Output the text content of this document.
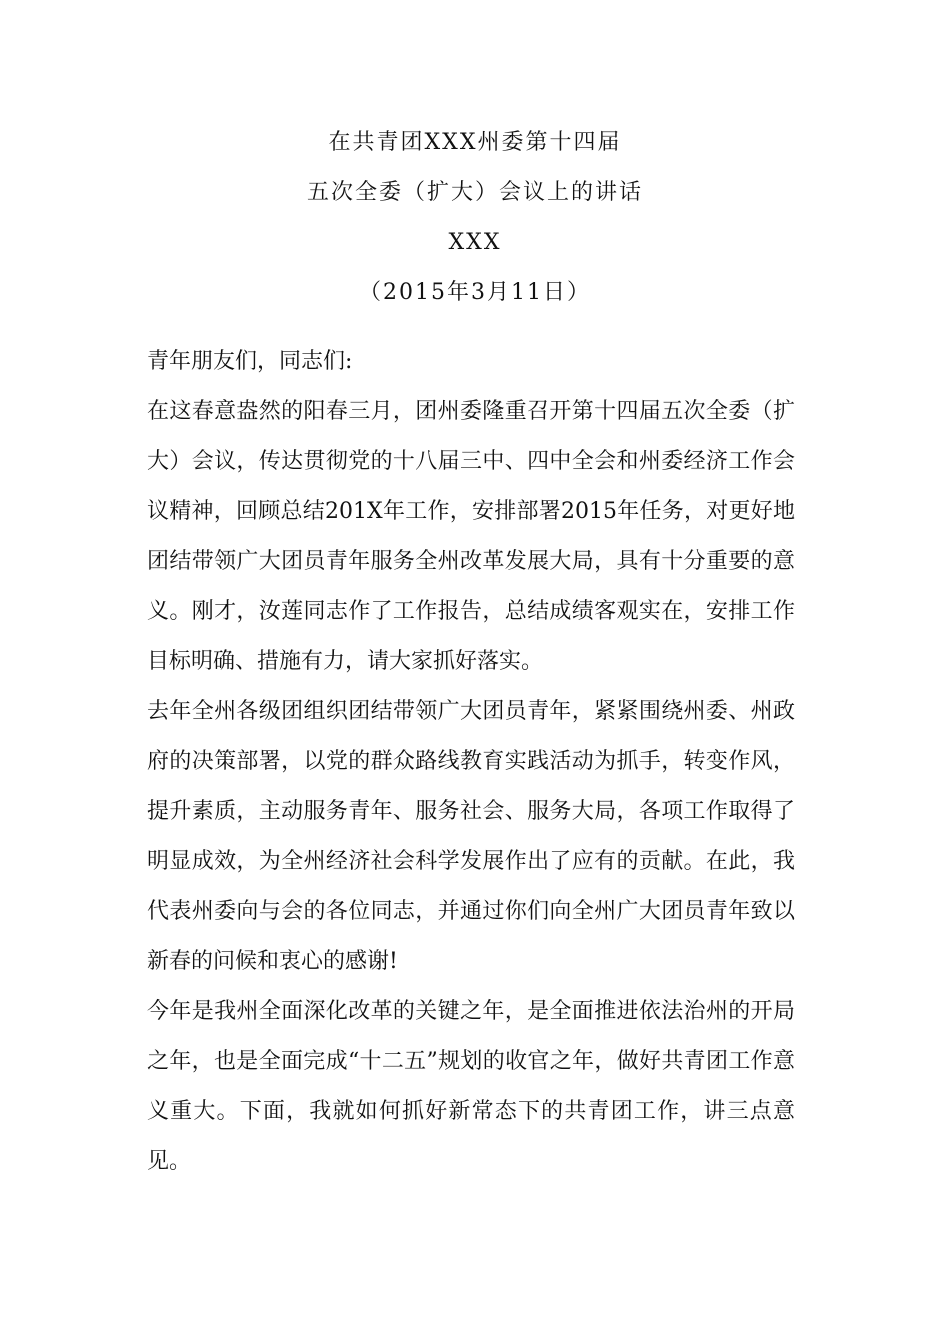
在共青团XXX州委第十四届
五次全委（扩大）会议上的讲话
XXX
（2015年3月11日）

青年朋友们，同志们:

在这春意盎然的阳春三月，团州委隆重召开第十四届五次全委（扩大）会议，传达贯彻党的十八届三中、四中全会和州委经济工作会议精神，回顾总结201X年工作，安排部署2015年任务，对更好地团结带领广大团员青年服务全州改革发展大局，具有十分重要的意义。刚才，汝莲同志作了工作报告，总结成绩客观实在，安排工作目标明确、措施有力，请大家抓好落实。

去年全州各级团组织团结带领广大团员青年，紧紧围绕州委、州政府的决策部署，以党的群众路线教育实践活动为抓手，转变作风，提升素质，主动服务青年、服务社会、服务大局，各项工作取得了明显成效，为全州经济社会科学发展作出了应有的贡献。在此，我代表州委向与会的各位同志，并通过你们向全州广大团员青年致以新春的问候和衷心的感谢!

今年是我州全面深化改革的关键之年，是全面推进依法治州的开局之年，也是全面完成“十二五”规划的收官之年，做好共青团工作意义重大。下面，我就如何抓好新常态下的共青团工作，讲三点意见。
